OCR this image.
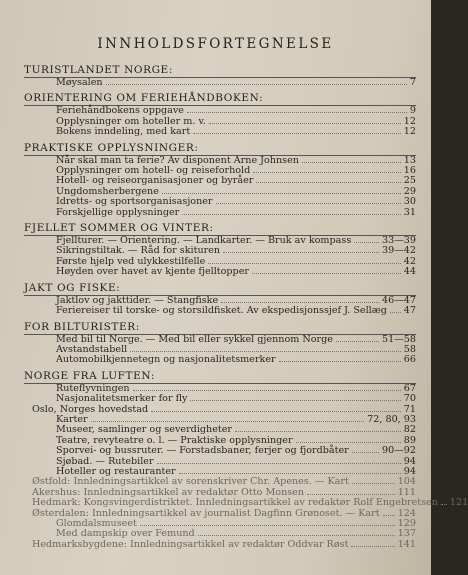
INNHOLDSFORTEGNELSE
TURISTLANDET NORGE:
Møysalen	7
ORIENTERING OM FERIEHÅNDBOKEN:
Feriehåndbokens oppgave	9
Opplysninger om hoteller m. v.	12
Bokens inndeling, med kart	12
PRAKTISKE OPPLYSNINGER:
Når skal man ta ferie? Av disponent Arne Johnsen	13
Opplysninger om hotell- og reiseforhold	16
Hotell- og reiseorganisasjoner og byråer	25
Ungdomsherbergene	29
Idretts- og sportsorganisasjoner	30
Forskjellige opplysninger	31
FJELLET SOMMER OG VINTER:
Fjellturer. — Orientering. — Landkarter. — Bruk av kompass	33—39
Sikringstiltak. — Råd for skituren	39—42
Første hjelp ved ulykkestilfelle	42
Høyden over havet av kjente fjelltopper	44
JAKT OG FISKE:
Jaktlov og jakttider. — Stangfiske	46—47
Feriereiser til torske- og storsildfisket. Av ekspedisjonssjef J. Sellæg 47
FOR BILTURISTER:
Med bil til Norge. — Med bil eller sykkel gjennom Norge	51—58
Avstandstabell	58
Automobilkjennetegn og nasjonalitetsmerker	66
NORGE FRA LUFTEN:
Ruteflyvningen	67
Nasjonalitetsmerker for fly	70
Oslo, Norges hovedstad	71
Karter	72, 80, 93
Museer, samlinger og severdigheter	82
Teatre, revyteatre o. l. — Praktiske opplysninger	89
Sporvei- og bussruter. — Forstadsbaner, ferjer og fjordbåter	90—92
Sjøbad. — Rutebiler	94
Hoteller og restauranter	94
Østfold: Innledningsartikkel av sorenskriver Chr. Apenes. — Kart	104
Akershus: Innledningsartikkel av redaktør Otto Monsen	111
Hedmark: Kongsvingerdistriktet. Innledningsartikkel av redaktør Rolf Engebretsen 121
Østerdalen: Innledningsartikkel av journalist Dagfinn Grønoset. — Kart 124
Glomdalsmuseet	129
Med dampskip over Femund	137
Hedmarksbygdene: Innledningsartikkel av redaktør Oddvar Røst	141
